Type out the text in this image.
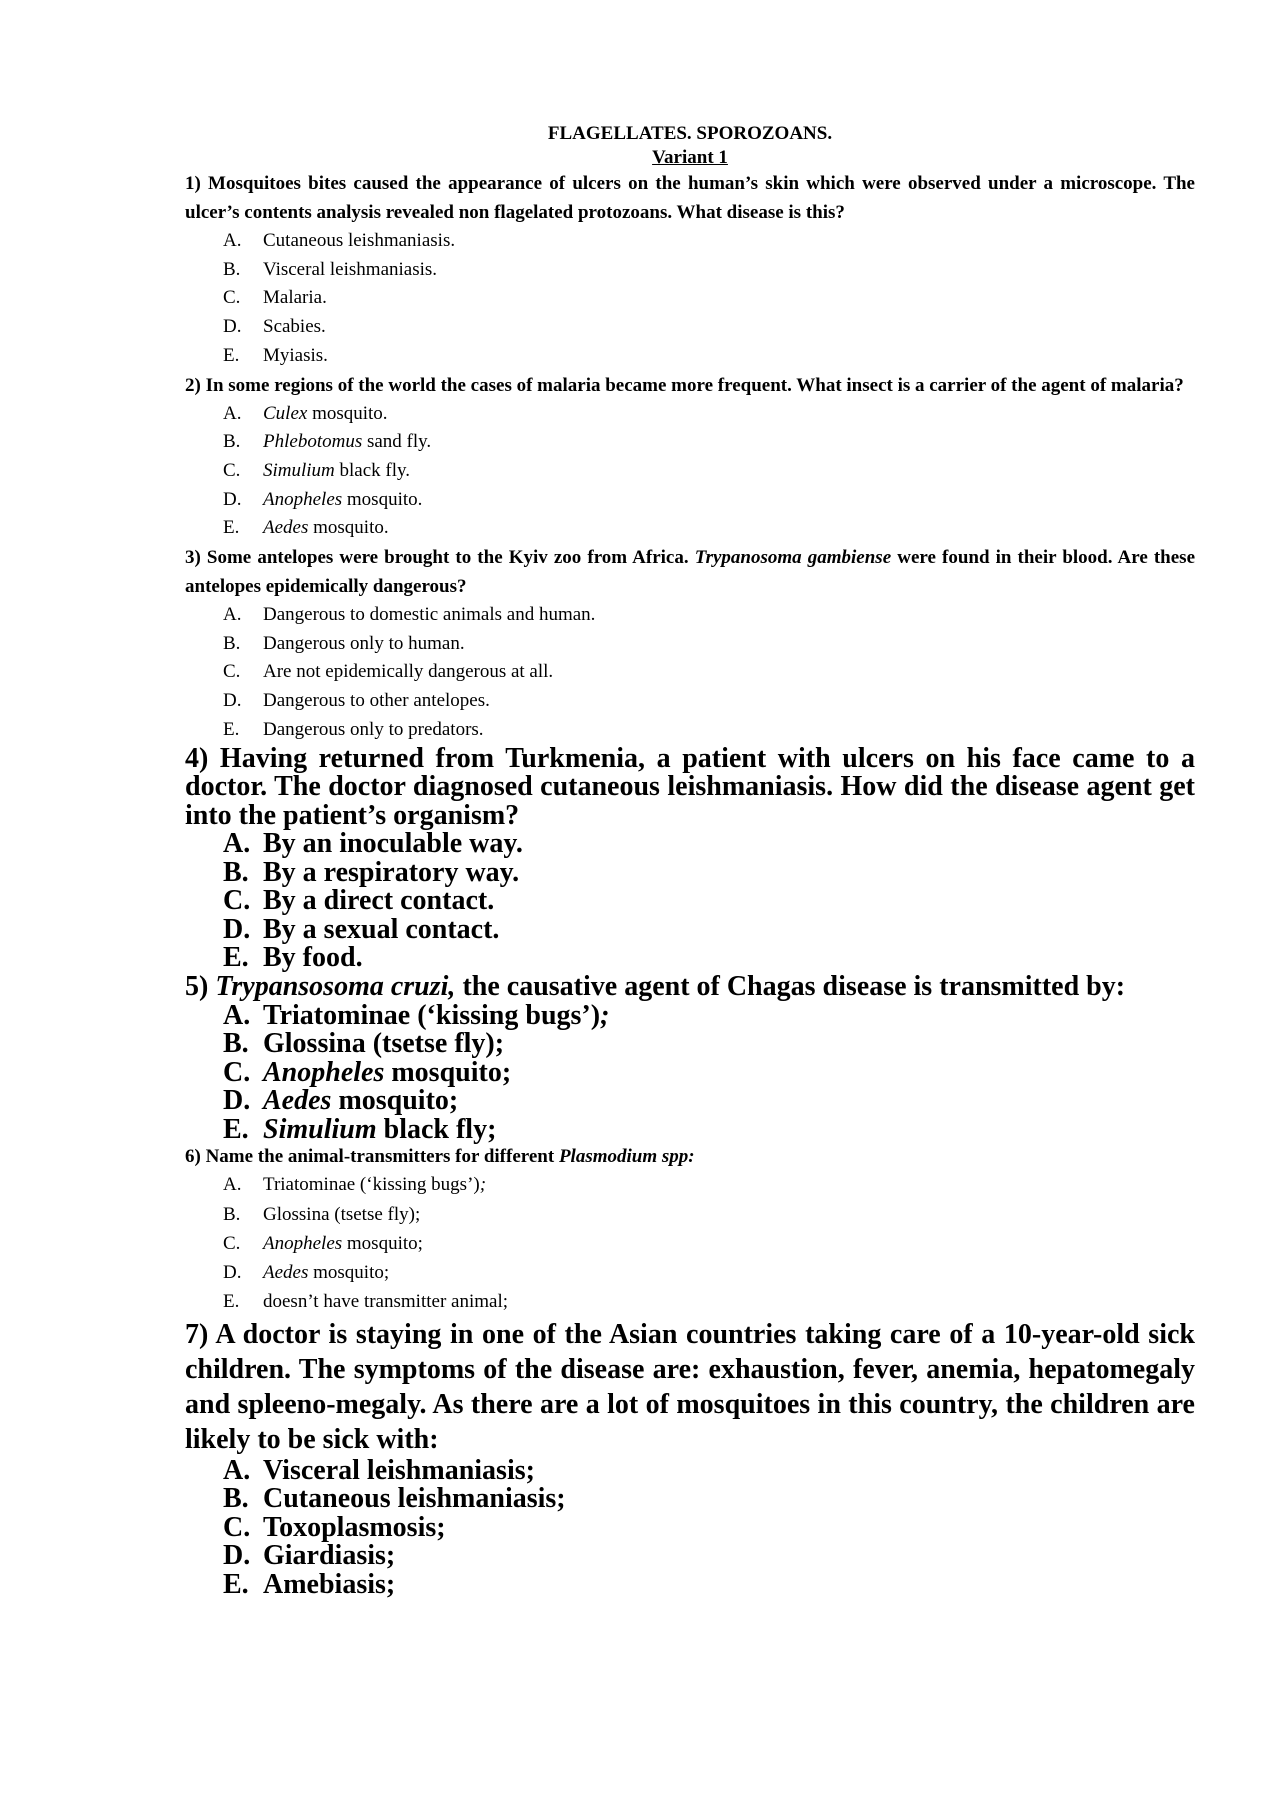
FLAGELLATES. SPOROZOANS.
Variant 1

1) Mosquitoes bites caused the appearance of ulcers on the human’s skin which were observed under a microscope. The ulcer’s contents analysis revealed non flagelated protozoans. What disease is this?

A.	Cutaneous leishmaniasis.
B.	Visceral leishmaniasis.
C.	Malaria.
D.	Scabies.
E.	Myiasis.

2) In some regions of the world the cases of malaria became more frequent. What insect is a carrier of the agent of malaria?

A.	Culex mosquito.
B.	Phlebotomus sand fly.
C.	Simulium black fly.
D.	Anopheles mosquito.
E.	Aedes mosquito.

3) Some antelopes were brought to the Kyiv zoo from Africa. Trypanosoma gambiense were found in their blood. Are these antelopes epidemically dangerous?

A.	Dangerous to domestic animals and human.
B.	Dangerous only to human.
C.	Are not epidemically dangerous at all.
D.	Dangerous to other antelopes.
E.	Dangerous only to predators.

4) Having returned from Turkmenia, a patient with ulcers on his face came to a doctor. The doctor diagnosed cutaneous leishmaniasis. How did the disease agent get into the patient’s organism?

A. By an inoculable way.
B. By a respiratory way.
C. By a direct contact.
D. By a sexual contact.
E. By food.

5) Trypansosoma cruzi, the causative agent of Chagas disease is transmitted by:

A. Triatominae (‘kissing bugs’);
B. Glossina (tsetse fly);
C. Anopheles mosquito;
D. Aedes mosquito;
E. Simulium black fly;

6) Name the animal-transmitters for different Plasmodium spp:

A.	Triatominae (‘kissing bugs’);
B.	Glossina (tsetse fly);
C.	Anopheles mosquito;
D.	Aedes mosquito;
E.	doesn’t have transmitter animal;

7) A doctor is staying in one of the Asian countries taking care of a 10-year-old sick children. The symptoms of the disease are: exhaustion, fever, anemia, hepatomegaly and spleeno-megaly. As there are a lot of mosquitoes in this country, the children are likely to be sick with:

A. Visceral leishmaniasis;
B. Cutaneous leishmaniasis;
C. Toxoplasmosis;
D. Giardiasis;
E. Amebiasis;
